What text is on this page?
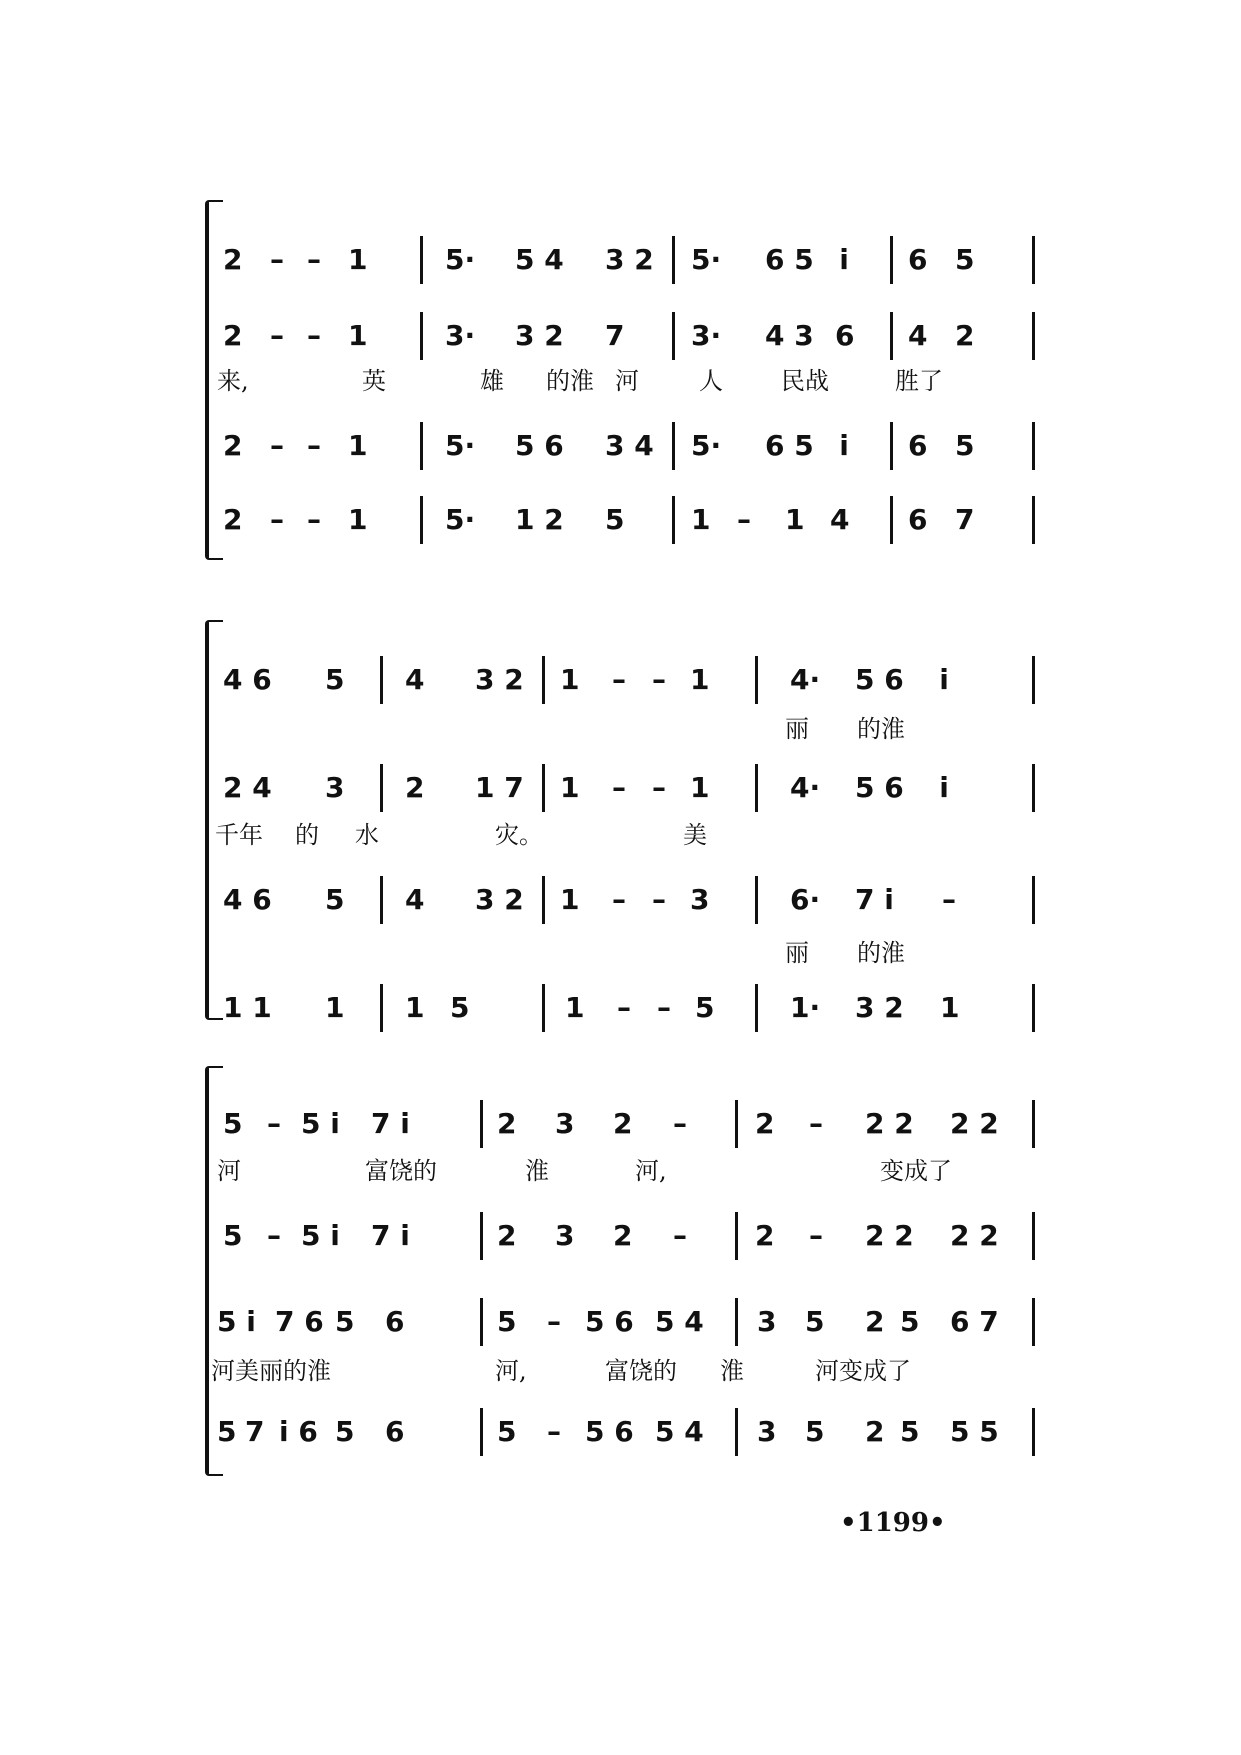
2 – – 1	5· 5 4 3 2 5· 6 5 i 6 5
2 – – 1	3· 3 2 7 3· 4 3 6 4 2
来,	英	雄 的淮 河	人 民战	胜了
2 – – 1	5· 5 6 3 4 5· 6 5 i 6 5
2 – – 1	5· 1 2 5 1 – 1 4 6 7
4 6 5 4 3 2 1 – – 1	4· 5 6 i
丽 的淮
2 4 3 2 1 7 1 – – 1	4· 5 6 i
千年 的 水	灾。	美
4 6 5 4 3 2 1 – – 3	6· 7 i –
丽 的淮
1 1 1 1 5	1 – – 5	1· 3 2 1
5 – 5 i 7 i	2 3 2 – 2 – 2 2 2 2
河	富饶的	淮	河,	变成了
5 – 5 i 7 i	2 3 2 – 2 – 2 2 2 2
5 i 7 6 5 6	5 – 5 6 5 4 3 5 2 5 6 7
河美丽的淮	河,	富饶的 淮	河变成了
5 7 i 6 5 6	5 – 5 6 5 4 3 5 2 5 5 5
•1199•
